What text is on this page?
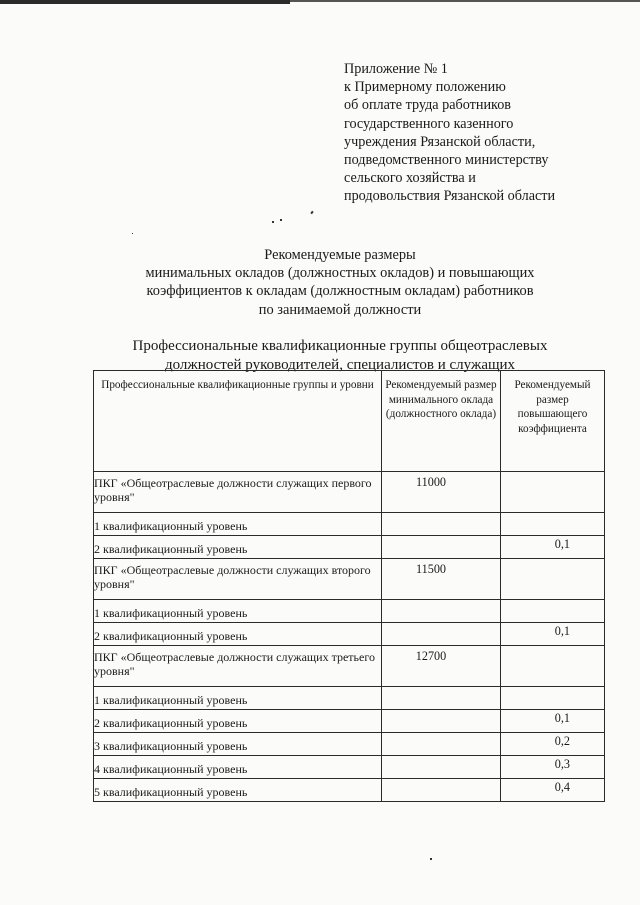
Приложение № 1
к Примерному положению
об оплате труда работников
государственного казенного
учреждения Рязанской области,
подведомственного министерству
сельского хозяйства и
продовольствия Рязанской области
Рекомендуемые размеры
минимальных окладов (должностных окладов) и повышающих
коэффициентов к окладам (должностным окладам) работников
по занимаемой должности
Профессиональные квалификационные группы общеотраслевых
должностей руководителей, специалистов и служащих
Профессиональные квалификационные группы и уровни	Рекомендуемый размер минимального оклада (должностного оклада)	Рекомендуемый размер повышающего коэффициента

ПКГ «Общеотраслевые должности служащих первого уровня"	11000	

1 квалификационный уровень		

2 квалификационный уровень		0,1

ПКГ «Общеотраслевые должности служащих второго уровня"	11500	

1 квалификационный уровень		

2 квалификационный уровень		0,1

ПКГ «Общеотраслевые должности служащих третьего уровня"	12700	

1 квалификационный уровень		

2 квалификационный уровень		0,1

3 квалификационный уровень		0,2

4 квалификационный уровень		0,3

5 квалификационный уровень		0,4
